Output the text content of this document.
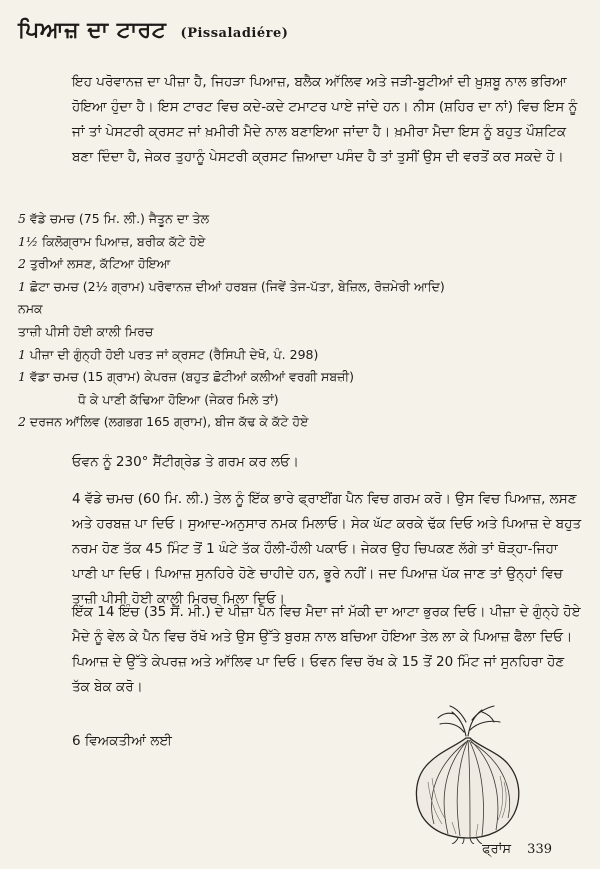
ਪਿਆਜ਼ ਦਾ ਟਾਰਟ (Pissaladiére)

ਇਹ ਪਰੋਵਾਨਜ਼ ਦਾ ਪੀਜ਼ਾ ਹੈ, ਜਿਹੜਾ ਪਿਆਜ਼, ਬਲੈਕ ਆੱਲਿਵ ਅਤੇ ਜੜੀ-ਬੂਟੀਆਂ ਦੀ ਖ਼ੁਸ਼ਬੂ ਨਾਲ ਭਰਿਆ ਹੋਇਆ ਹੁੰਦਾ ਹੈ। ਇਸ ਟਾਰਟ ਵਿਚ ਕਦੇ-ਕਦੇ ਟਮਾਟਰ ਪਾਏ ਜਾਂਦੇ ਹਨ। ਨੀਸ (ਸ਼ਹਿਰ ਦਾ ਨਾਂ) ਵਿਚ ਇਸ ਨੂੰ ਜਾਂ ਤਾਂ ਪੇਸਟਰੀ ਕ੍ਰਸਟ ਜਾਂ ਖ਼ਮੀਰੀ ਮੈਦੇ ਨਾਲ ਬਣਾਇਆ ਜਾਂਦਾ ਹੈ। ਖ਼ਮੀਰਾ ਮੈਦਾ ਇਸ ਨੂੰ ਬਹੁਤ ਪੌਸ਼ਟਿਕ ਬਣਾ ਦਿੰਦਾ ਹੈ, ਜੇਕਰ ਤੁਹਾਨੂੰ ਪੇਸਟਰੀ ਕ੍ਰਸਟ ਜ਼ਿਆਦਾ ਪਸੰਦ ਹੈ ਤਾਂ ਤੁਸੀਂ ਉਸ ਦੀ ਵਰਤੋਂ ਕਰ ਸਕਦੇ ਹੋ।

5 ਵੱਡੇ ਚਮਚ (75 ਮਿ. ਲੀ.) ਜੈਤੂਨ ਦਾ ਤੇਲ
1½ ਕਿਲੋਗ੍ਰਾਮ ਪਿਆਜ਼, ਬਰੀਕ ਕੱਟੇ ਹੋਏ
2 ਤੁਰੀਆਂ ਲਸਣ, ਕੱਟਿਆ ਹੋਇਆ
1 ਛੋਟਾ ਚਮਚ (2½ ਗ੍ਰਾਮ) ਪਰੋਵਾਨਜ਼ ਦੀਆਂ ਹਰਬਜ਼ (ਜਿਵੇਂ ਤੇਜ-ਪੱਤਾ, ਬੇਜ਼ਿਲ, ਰੋਜ਼ਮੇਰੀ ਆਦਿ)
ਨਮਕ
ਤਾਜ਼ੀ ਪੀਸੀ ਹੋਈ ਕਾਲੀ ਮਿਰਚ
1 ਪੀਜ਼ਾ ਦੀ ਗੁੰਨ੍ਹੀ ਹੋਈ ਪਰਤ ਜਾਂ ਕ੍ਰਸਟ (ਰੈਸਿਪੀ ਦੇਖੋ, ਪੰ. 298)
1 ਵੱਡਾ ਚਮਚ (15 ਗ੍ਰਾਮ) ਕੇਪਰਜ਼ (ਬਹੁਤ ਛੋਟੀਆਂ ਕਲੀਆਂ ਵਰਗੀ ਸਬਜ਼ੀ)
ਧੋ ਕੇ ਪਾਣੀ ਕੱਢਿਆ ਹੋਇਆ (ਜੇਕਰ ਮਿਲੇ ਤਾਂ)
2 ਦਰਜਨ ਆੱਲਿਵ (ਲਗਭਗ 165 ਗ੍ਰਾਮ), ਬੀਜ ਕੱਢ ਕੇ ਕੱਟੇ ਹੋਏ

ਓਵਨ ਨੂੰ 230° ਸੈਂਟੀਗ੍ਰੇਡ ਤੇ ਗਰਮ ਕਰ ਲਓ।

4 ਵੱਡੇ ਚਮਚ (60 ਮਿ. ਲੀ.) ਤੇਲ ਨੂੰ ਇੱਕ ਭਾਰੇ ਫ੍ਰਾਈਂਗ ਪੈਨ ਵਿਚ ਗਰਮ ਕਰੋ। ਉਸ ਵਿਚ ਪਿਆਜ਼, ਲਸਣ ਅਤੇ ਹਰਬਜ਼ ਪਾ ਦਿਓ। ਸੁਆਦ-ਅਨੁਸਾਰ ਨਮਕ ਮਿਲਾਓ। ਸੇਕ ਘੱਟ ਕਰਕੇ ਢੱਕ ਦਿਓ ਅਤੇ ਪਿਆਜ਼ ਦੇ ਬਹੁਤ ਨਰਮ ਹੋਣ ਤੱਕ 45 ਮਿੰਟ ਤੋਂ 1 ਘੰਟੇ ਤੱਕ ਹੌਲੀ-ਹੌਲੀ ਪਕਾਓ। ਜੇਕਰ ਉਹ ਚਿਪਕਣ ਲੱਗੇ ਤਾਂ ਥੋੜ੍ਹਾ-ਜਿਹਾ ਪਾਣੀ ਪਾ ਦਿਓ। ਪਿਆਜ਼ ਸੁਨਹਿਰੇ ਹੋਣੇ ਚਾਹੀਦੇ ਹਨ, ਭੂਰੇ ਨਹੀਂ। ਜਦ ਪਿਆਜ਼ ਪੱਕ ਜਾਣ ਤਾਂ ਉਨ੍ਹਾਂ ਵਿਚ ਤਾਜ਼ੀ ਪੀਸੀ ਹੋਈ ਕਾਲੀ ਮਿਰਚ ਮਿਲਾ ਦਿਓ।

ਇੱਕ 14 ਇੰਚ (35 ਸੈਂ. ਮੀ.) ਦੇ ਪੀਜ਼ਾ ਪੈਨ ਵਿਚ ਮੈਦਾ ਜਾਂ ਮੱਕੀ ਦਾ ਆਟਾ ਭੁਰਕ ਦਿਓ। ਪੀਜ਼ਾ ਦੇ ਗੁੰਨ੍ਹੇ ਹੋਏ ਮੈਦੇ ਨੂੰ ਵੇਲ ਕੇ ਪੈਨ ਵਿਚ ਰੱਖੋ ਅਤੇ ਉਸ ਉੱਤੇ ਬੁਰਸ਼ ਨਾਲ ਬਚਿਆ ਹੋਇਆ ਤੇਲ ਲਾ ਕੇ ਪਿਆਜ਼ ਫੈਲਾ ਦਿਓ। ਪਿਆਜ਼ ਦੇ ਉੱਤੇ ਕੇਪਰਜ਼ ਅਤੇ ਆੱਲਿਵ ਪਾ ਦਿਓ। ਓਵਨ ਵਿਚ ਰੱਖ ਕੇ 15 ਤੋਂ 20 ਮਿੰਟ ਜਾਂ ਸੁਨਹਿਰਾ ਹੋਣ ਤੱਕ ਬੇਕ ਕਰੋ।

6 ਵਿਅਕਤੀਆਂ ਲਈ
ਫ੍ਰਾਂਸ 339
